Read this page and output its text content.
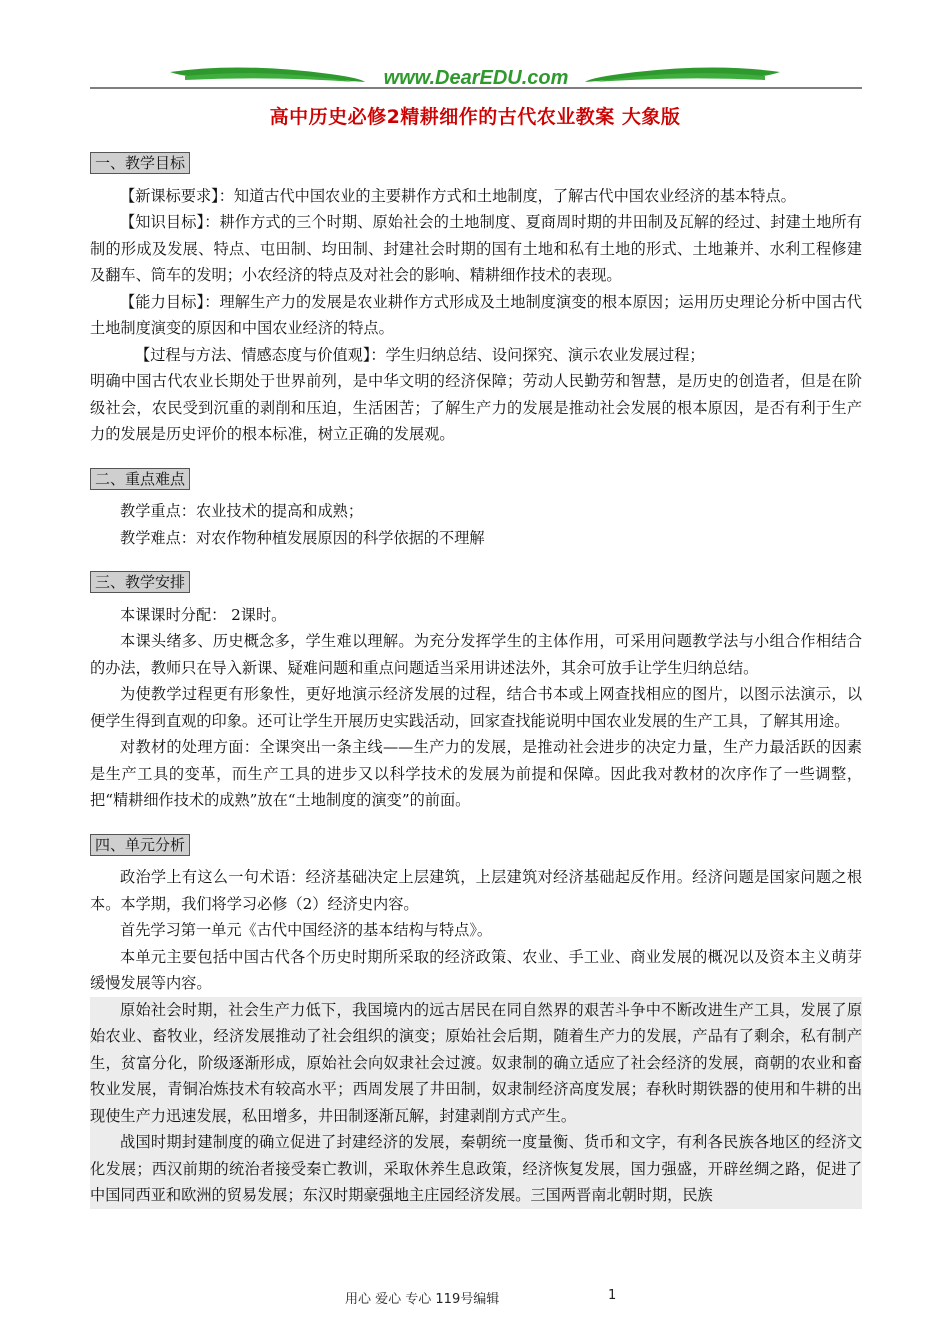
www.DearEDU.com
高中历史必修2精耕细作的古代农业教案 大象版
一、教学目标

【新课标要求】：知道古代中国农业的主要耕作方式和土地制度，了解古代中国农业经济的基本特点。

【知识目标】：耕作方式的三个时期、原始社会的土地制度、夏商周时期的井田制及瓦解的经过、封建土地所有制的形成及发展、特点、屯田制、均田制、封建社会时期的国有土地和私有土地的形式、土地兼并、水利工程修建及翻车、筒车的发明；小农经济的特点及对社会的影响、精耕细作技术的表现。

【能力目标】：理解生产力的发展是农业耕作方式形成及土地制度演变的根本原因；运用历史理论分析中国古代土地制度演变的原因和中国农业经济的特点。

【过程与方法、情感态度与价值观】：学生归纳总结、设问探究、演示农业发展过程；

明确中国古代农业长期处于世界前列，是中华文明的经济保障；劳动人民勤劳和智慧，是历史的创造者，但是在阶级社会，农民受到沉重的剥削和压迫，生活困苦；了解生产力的发展是推动社会发展的根本原因，是否有利于生产力的发展是历史评价的根本标准，树立正确的发展观。

二、重点难点

教学重点：农业技术的提高和成熟；

教学难点：对农作物种植发展原因的科学依据的不理解

三、教学安排

本课课时分配： 2课时。

本课头绪多、历史概念多，学生难以理解。为充分发挥学生的主体作用，可采用问题教学法与小组合作相结合的办法，教师只在导入新课、疑难问题和重点问题适当采用讲述法外，其余可放手让学生归纳总结。

为使教学过程更有形象性，更好地演示经济发展的过程，结合书本或上网查找相应的图片，以图示法演示，以便学生得到直观的印象。还可让学生开展历史实践活动，回家查找能说明中国农业发展的生产工具，了解其用途。

对教材的处理方面：全课突出一条主线——生产力的发展，是推动社会进步的决定力量，生产力最活跃的因素是生产工具的变革，而生产工具的进步又以科学技术的发展为前提和保障。因此我对教材的次序作了一些调整，把“精耕细作技术的成熟”放在“土地制度的演变”的前面。

四、单元分析

政治学上有这么一句术语：经济基础决定上层建筑，上层建筑对经济基础起反作用。经济问题是国家问题之根本。本学期，我们将学习必修（2）经济史内容。

首先学习第一单元《古代中国经济的基本结构与特点》。

本单元主要包括中国古代各个历史时期所采取的经济政策、农业、手工业、商业发展的概况以及资本主义萌芽缓慢发展等内容。

原始社会时期，社会生产力低下，我国境内的远古居民在同自然界的艰苦斗争中不断改进生产工具，发展了原始农业、畜牧业，经济发展推动了社会组织的演变；原始社会后期，随着生产力的发展，产品有了剩余，私有制产生，贫富分化，阶级逐渐形成，原始社会向奴隶社会过渡。奴隶制的确立适应了社会经济的发展，商朝的农业和畜牧业发展，青铜冶炼技术有较高水平；西周发展了井田制，奴隶制经济高度发展；春秋时期铁器的使用和牛耕的出现使生产力迅速发展，私田增多，井田制逐渐瓦解，封建剥削方式产生。

战国时期封建制度的确立促进了封建经济的发展，秦朝统一度量衡、货币和文字，有利各民族各地区的经济文化发展；西汉前期的统治者接受秦亡教训，采取休养生息政策，经济恢复发展，国力强盛，开辟丝绸之路，促进了中国同西亚和欧洲的贸易发展；东汉时期豪强地主庄园经济发展。三国两晋南北朝时期，民族

用心 爱心 专心 119号编辑	1
